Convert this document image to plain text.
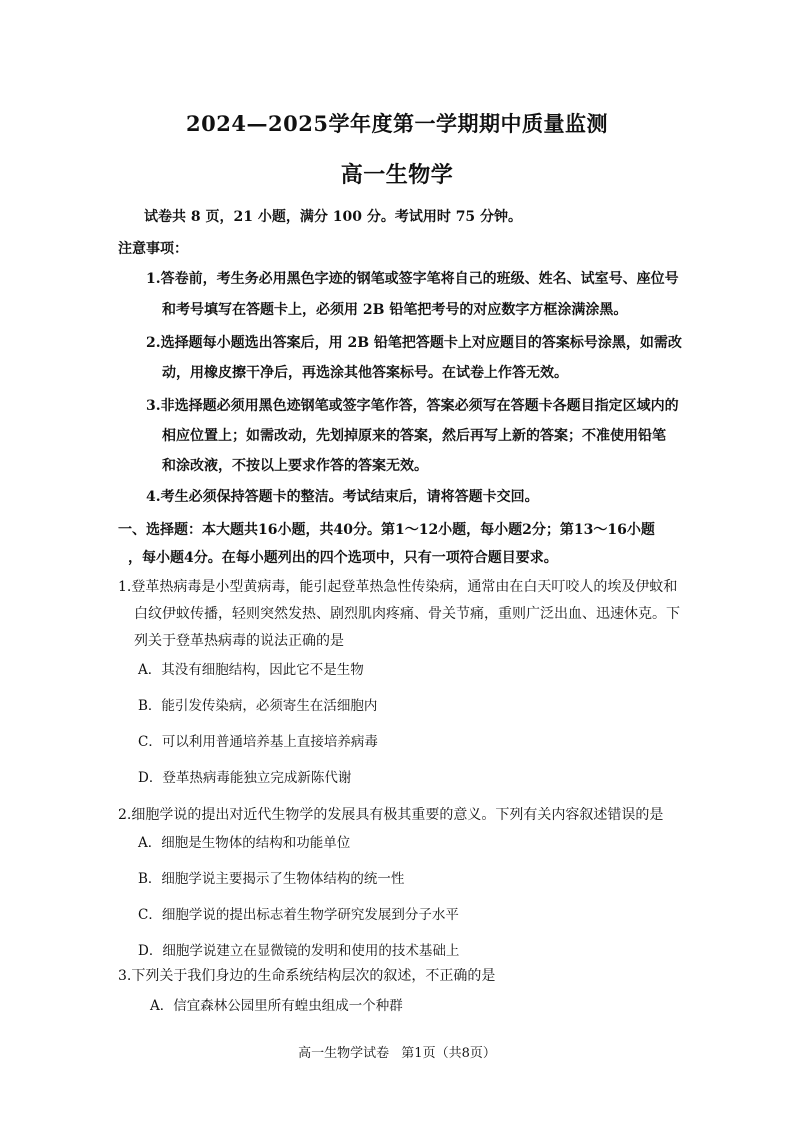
2024—2025学年度第一学期期中质量监测
高一生物学
试卷共 8 页，21 小题，满分 100 分。考试用时 75 分钟。
注意事项：
1.答卷前，考生务必用黑色字迹的钢笔或签字笔将自己的班级、姓名、试室号、座位号
和考号填写在答题卡上，必须用 2B 铅笔把考号的对应数字方框涂满涂黑。
2.选择题每小题选出答案后，用 2B 铅笔把答题卡上对应题目的答案标号涂黑，如需改
动，用橡皮擦干净后，再选涂其他答案标号。在试卷上作答无效。
3.非选择题必须用黑色迹钢笔或签字笔作答，答案必须写在答题卡各题目指定区域内的
相应位置上；如需改动，先划掉原来的答案，然后再写上新的答案；不准使用铅笔
和涂改液，不按以上要求作答的答案无效。
4.考生必须保持答题卡的整洁。考试结束后，请将答题卡交回。
一、选择题：本大题共16小题，共40分。第1～12小题，每小题2分；第13～16小题
，每小题4分。在每小题列出的四个选项中，只有一项符合题目要求。
1.登革热病毒是小型黄病毒，能引起登革热急性传染病，通常由在白天叮咬人的埃及伊蚊和
白纹伊蚊传播，轻则突然发热、剧烈肌肉疼痛、骨关节痛，重则广泛出血、迅速休克。下
列关于登革热病毒的说法正确的是
A．其没有细胞结构，因此它不是生物
B．能引发传染病，必须寄生在活细胞内
C．可以利用普通培养基上直接培养病毒
D．登革热病毒能独立完成新陈代谢
2.细胞学说的提出对近代生物学的发展具有极其重要的意义。下列有关内容叙述错误的是
A．细胞是生物体的结构和功能单位
B．细胞学说主要揭示了生物体结构的统一性
C．细胞学说的提出标志着生物学研究发展到分子水平
D．细胞学说建立在显微镜的发明和使用的技术基础上
3.下列关于我们身边的生命系统结构层次的叙述，不正确的是
A．信宜森林公园里所有蝗虫组成一个种群
高一生物学试卷 第1页（共8页）
